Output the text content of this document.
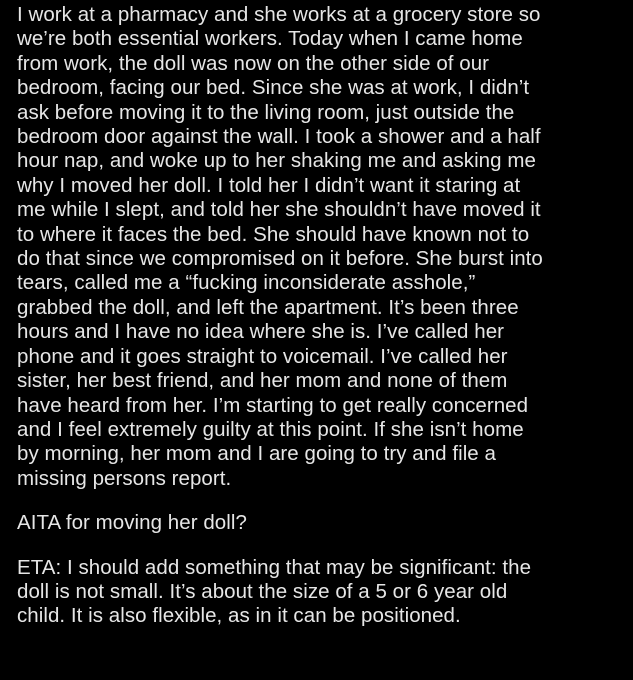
I work at a pharmacy and she works at a grocery store so
we’re both essential workers. Today when I came home
from work, the doll was now on the other side of our
bedroom, facing our bed. Since she was at work, I didn’t
ask before moving it to the living room, just outside the
bedroom door against the wall. I took a shower and a half
hour nap, and woke up to her shaking me and asking me
why I moved her doll. I told her I didn’t want it staring at
me while I slept, and told her she shouldn’t have moved it
to where it faces the bed. She should have known not to
do that since we compromised on it before. She burst into
tears, called me a “fucking inconsiderate asshole,”
grabbed the doll, and left the apartment. It’s been three
hours and I have no idea where she is. I’ve called her
phone and it goes straight to voicemail. I’ve called her
sister, her best friend, and her mom and none of them
have heard from her. I’m starting to get really concerned
and I feel extremely guilty at this point. If she isn’t home
by morning, her mom and I are going to try and file a
missing persons report.

AITA for moving her doll?

ETA: I should add something that may be significant: the
doll is not small. It’s about the size of a 5 or 6 year old
child. It is also flexible, as in it can be positioned.
